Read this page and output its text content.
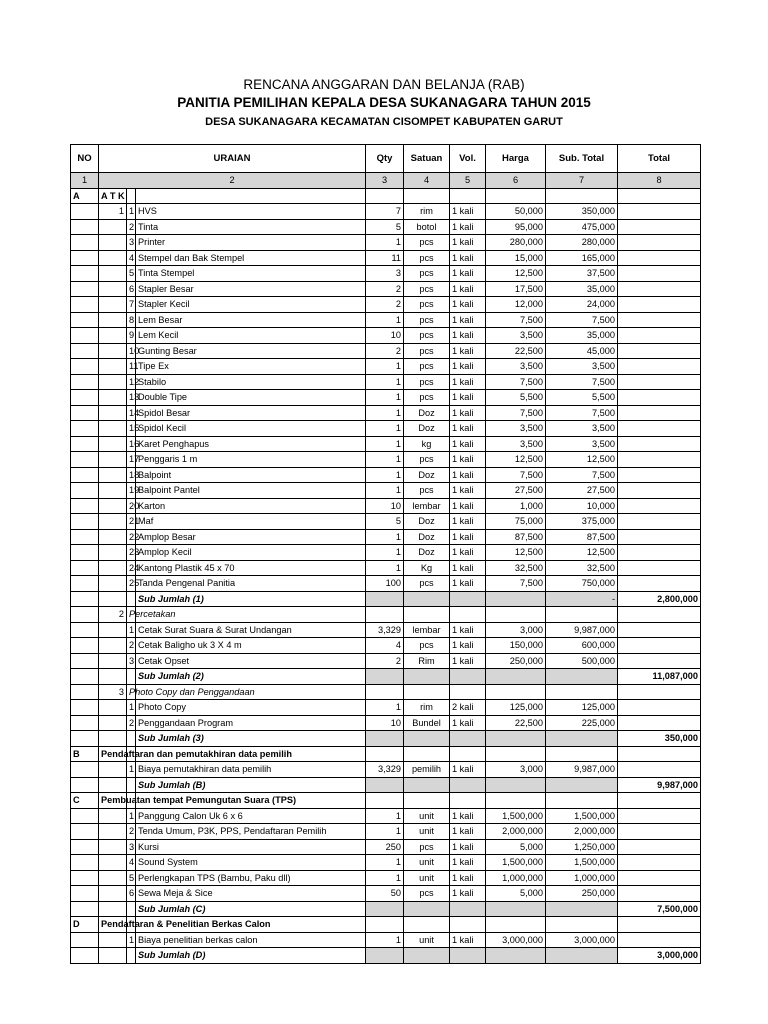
RENCANA ANGGARAN DAN BELANJA (RAB)
PANITIA PEMILIHAN KEPALA DESA SUKANAGARA TAHUN 2015
DESA SUKANAGARA KECAMATAN CISOMPET KABUPATEN GARUT
NO	URAIAN			Qty	Satuan	Vol.	Harga	Sub. Total	Total
1	2			3	4	5	6	7	8
A	A T K								

	1	1	HVS	7	rim	1 kali	50,000	350,000	
		2	Tinta	5	botol	1 kali	95,000	475,000	
		3	Printer	1	pcs	1 kali	280,000	280,000	
		4	Stempel dan Bak Stempel	11	pcs	1 kali	15,000	165,000	
		5	Tinta Stempel	3	pcs	1 kali	12,500	37,500	
		6	Stapler Besar	2	pcs	1 kali	17,500	35,000	
		7	Stapler Kecil	2	pcs	1 kali	12,000	24,000	
		8	Lem Besar	1	pcs	1 kali	7,500	7,500	
		9	Lem Kecil	10	pcs	1 kali	3,500	35,000	
		10	Gunting Besar	2	pcs	1 kali	22,500	45,000	
		11	Tipe Ex	1	pcs	1 kali	3,500	3,500	
		12	Stabilo	1	pcs	1 kali	7,500	7,500	
		13	Double Tipe	1	pcs	1 kali	5,500	5,500	
		14	Spidol Besar	1	Doz	1 kali	7,500	7,500	
		15	Spidol Kecil	1	Doz	1 kali	3,500	3,500	
		16	Karet Penghapus	1	kg	1 kali	3,500	3,500	
		17	Penggaris 1 m	1	pcs	1 kali	12,500	12,500	
		18	Balpoint	1	Doz	1 kali	7,500	7,500	
		19	Balpoint Pantel	1	pcs	1 kali	27,500	27,500	
		20	Karton	10	lembar	1 kali	1,000	10,000	
		21	Maf	5	Doz	1 kali	75,000	375,000	
		22	Amplop Besar	1	Doz	1 kali	87,500	87,500	
		23	Amplop Kecil	1	Doz	1 kali	12,500	12,500	
		24	Kantong Plastik 45 x 70	1	Kg	1 kali	32,500	32,500	
		25	Tanda Pengenal Panitia	100	pcs	1 kali	7,500	750,000	
			Sub Jumlah (1)					-	2,800,000
	2	Percetakan							

		1	Cetak Surat Suara & Surat Undangan	3,329	lembar	1 kali	3,000	9,987,000	
		2	Cetak Baligho uk 3 X 4 m	4	pcs	1 kali	150,000	600,000	
		3	Cetak Opset	2	Rim	1 kali	250,000	500,000	
			Sub Jumlah (2)						11,087,000
	3	Photo Copy dan Penggandaan							

		1	Photo Copy	1	rim	2 kali	125,000	125,000	
		2	Penggandaan Program	10	Bundel	1 kali	22,500	225,000	
			Sub Jumlah (3)						350,000
B	Pendaftaran dan pemutakhiran data pemilih								

		1	Biaya pemutakhiran data pemilih	3,329	pemilih	1 kali	3,000	9,987,000	
			Sub Jumlah (B)						9,987,000
C	Pembuatan tempat Pemungutan Suara (TPS)								

		1	Panggung Calon Uk 6 x 6	1	unit	1 kali	1,500,000	1,500,000	
		2	Tenda Umum, P3K, PPS, Pendaftaran Pemilih	1	unit	1 kali	2,000,000	2,000,000	
		3	Kursi	250	pcs	1 kali	5,000	1,250,000	
		4	Sound System	1	unit	1 kali	1,500,000	1,500,000	
		5	Perlengkapan TPS (Bambu, Paku dll)	1	unit	1 kali	1,000,000	1,000,000	
		6	Sewa Meja & Sice	50	pcs	1 kali	5,000	250,000	
			Sub Jumlah (C)						7,500,000
D	Pendaftaran & Penelitian Berkas Calon								

		1	Biaya penelitian berkas calon	1	unit	1 kali	3,000,000	3,000,000	
			Sub Jumlah (D)						3,000,000
